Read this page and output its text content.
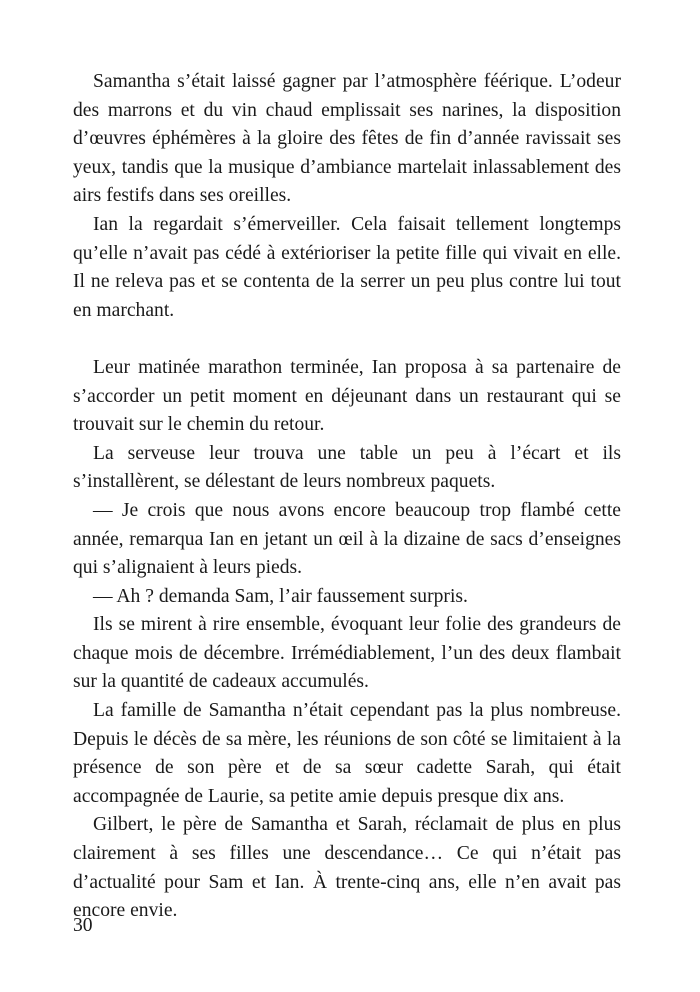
Samantha s’était laissé gagner par l’atmosphère féérique. L’odeur des marrons et du vin chaud emplissait ses narines, la disposition d’œuvres éphémères à la gloire des fêtes de fin d’année ravissait ses yeux, tandis que la musique d’ambiance martelait inlassablement des airs festifs dans ses oreilles.

Ian la regardait s’émerveiller. Cela faisait tellement longtemps qu’elle n’avait pas cédé à extérioriser la petite fille qui vivait en elle. Il ne releva pas et se contenta de la serrer un peu plus contre lui tout en marchant.

Leur matinée marathon terminée, Ian proposa à sa partenaire de s’accorder un petit moment en déjeunant dans un restaurant qui se trouvait sur le chemin du retour.

La serveuse leur trouva une table un peu à l’écart et ils s’installèrent, se délestant de leurs nombreux paquets.

— Je crois que nous avons encore beaucoup trop flambé cette année, remarqua Ian en jetant un œil à la dizaine de sacs d’enseignes qui s’alignaient à leurs pieds.

— Ah ? demanda Sam, l’air faussement surpris.

Ils se mirent à rire ensemble, évoquant leur folie des grandeurs de chaque mois de décembre. Irrémédiablement, l’un des deux flambait sur la quantité de cadeaux accumulés.

La famille de Samantha n’était cependant pas la plus nombreuse. Depuis le décès de sa mère, les réunions de son côté se limitaient à la présence de son père et de sa sœur cadette Sarah, qui était accompagnée de Laurie, sa petite amie depuis presque dix ans.

Gilbert, le père de Samantha et Sarah, réclamait de plus en plus clairement à ses filles une descendance… Ce qui n’était pas d’actualité pour Sam et Ian. À trente-cinq ans, elle n’en avait pas encore envie.

30
